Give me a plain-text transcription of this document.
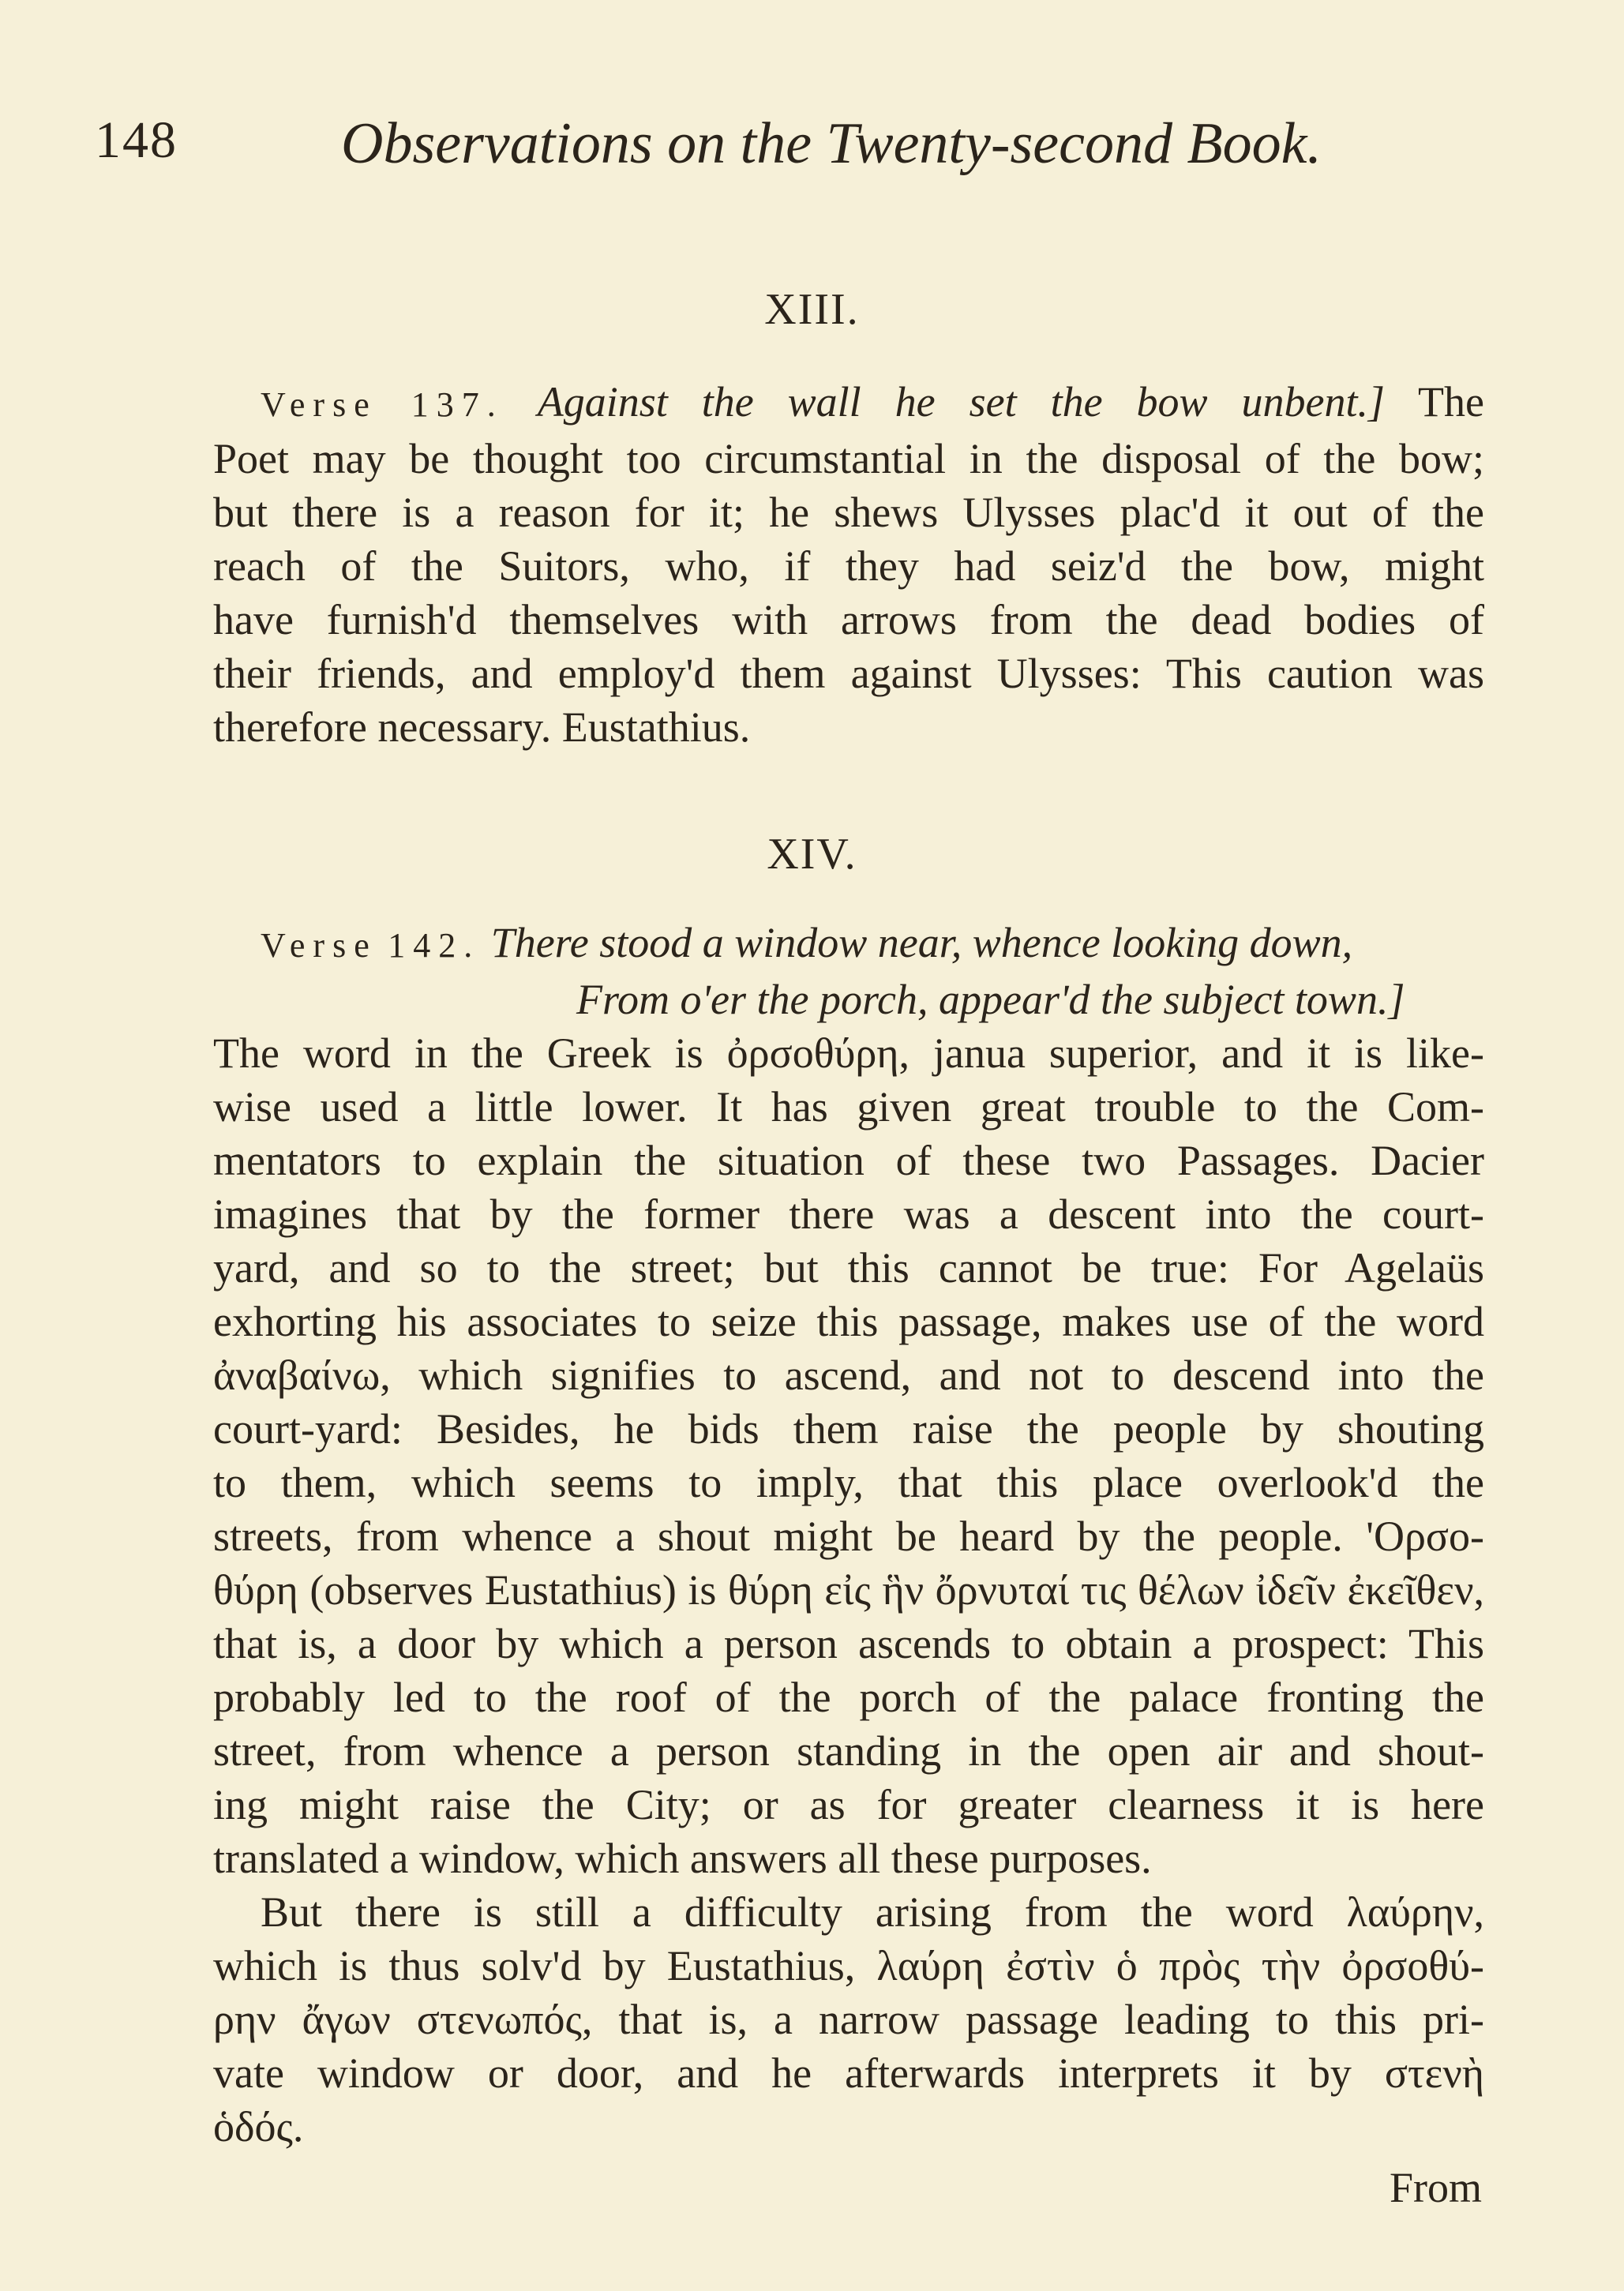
148	Observations on the Twenty-second Book.
XIII.
Verse 137. Against the wall he set the bow unbent.] The
Poet may be thought too circumstantial in the disposal of the bow;
but there is a reason for it; he shews Ulysses plac'd it out of the
reach of the Suitors, who, if they had seiz'd the bow, might
have furnish'd themselves with arrows from the dead bodies of
their friends, and employ'd them against Ulysses: This caution was
therefore necessary. Eustathius.
XIV.
Verse 142. There stood a window near, whence looking down,
From o'er the porch, appear'd the subject town.]
The word in the Greek is ὀρσοθύρη, janua superior, and it is like-
wise used a little lower. It has given great trouble to the Com-
mentators to explain the situation of these two Passages. Dacier
imagines that by the former there was a descent into the court-
yard, and so to the street; but this cannot be true: For Agelaüs
exhorting his associates to seize this passage, makes use of the word
ἀναβαίνω, which signifies to ascend, and not to descend into the
court-yard: Besides, he bids them raise the people by shouting
to them, which seems to imply, that this place overlook'd the
streets, from whence a shout might be heard by the people. 'Ορσο-
θύρη (observes Eustathius) is θύρη εἰς ἣν ὄρνυταί τις θέλων ἰδεῖν ἐκεῖθεν,
that is, a door by which a person ascends to obtain a prospect: This
probably led to the roof of the porch of the palace fronting the
street, from whence a person standing in the open air and shout-
ing might raise the City; or as for greater clearness it is here
translated a window, which answers all these purposes.
But there is still a difficulty arising from the word λαύρην,
which is thus solv'd by Eustathius, λαύρη ἐστὶν ὁ πρὸς τὴν ὀρσοθύ-
ρην ἄγων στενωπός, that is, a narrow passage leading to this pri-
vate window or door, and he afterwards interprets it by στενὴ
ὁδός.
From
